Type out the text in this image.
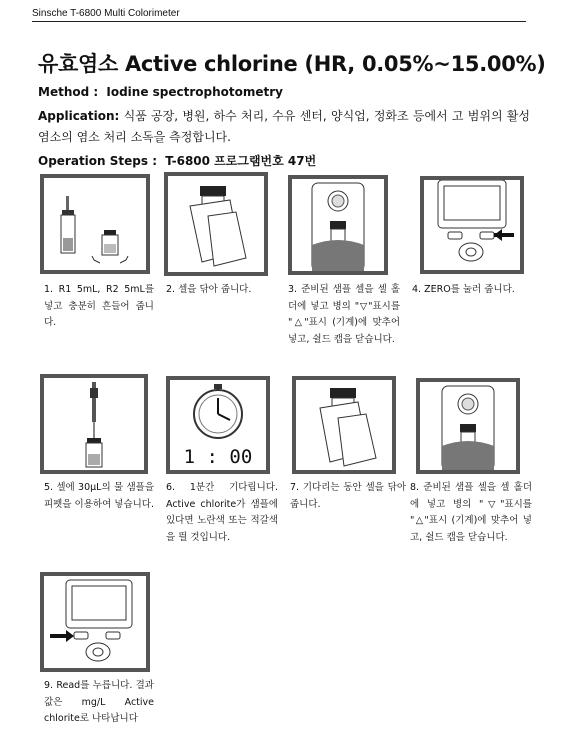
Sinsche T-6800 Multi Colorimeter
유효염소 Active chlorine (HR, 0.05%~15.00%)
Method : Iodine spectrophotometry
Application: 식품 공장, 병원, 하수 처리, 수유 센터, 양식업, 정화조 등에서 고 범위의 활성 염소의 염소 처리 소독을 측정합니다.
Operation Steps : T-6800 프로그램번호 47번
1. R1 5mL, R2 5mL를 넣고 충분히 흔들어 줍니다.
2. 셀을 닦아 줍니다.	3. 준비된 샘플 셀을 셀 홀더에 넣고 병의 "▽"표시를 "△"표시 (기계)에 맞추어 넣고, 쉴드 캡을 닫습니다.
4. ZERO를 눌러 줍니다.
5. 셀에 30μL의 물 샘플을 피펫을 이용하여 넣습니다.
1 : 00
6. 1분간 기다립니다. Active chlorite가 샘플에 있다면 노란색 또는 적갈색을 띌 것입니다.
7. 기다리는 동안 셀을 닦아 줍니다.
8. 준비된 샘플 셀을 셀 홀더에 넣고 병의 "▽"표시를 "△"표시 (기계)에 맞추어 넣고, 쉴드 캡을 닫습니다.
9. Read를 누릅니다. 결과 값은 mg/L Active chlorite로 나타납니다
